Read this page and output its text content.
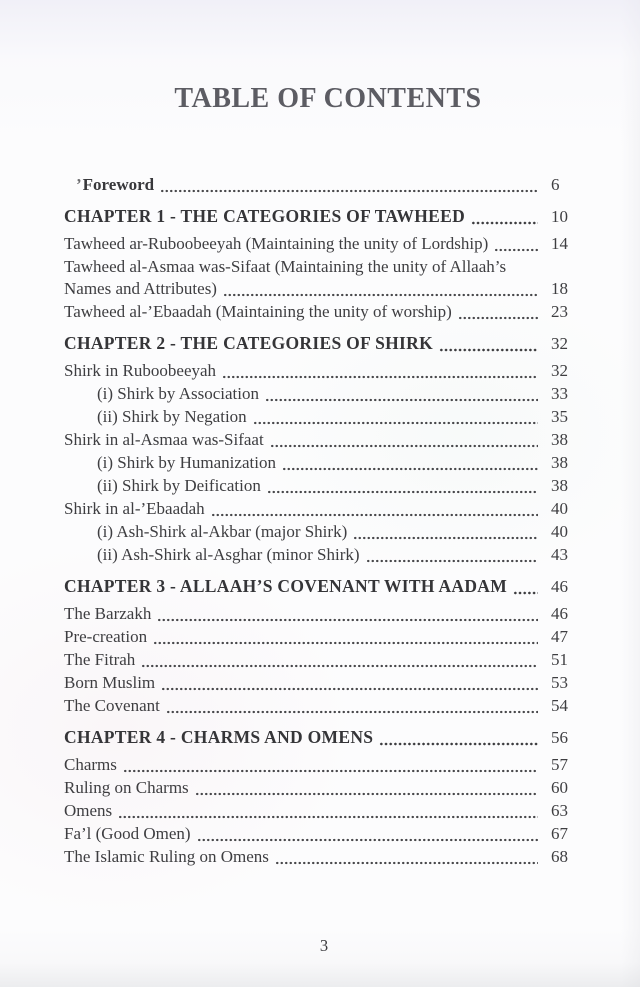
TABLE OF CONTENTS
’ Foreword	6
CHAPTER 1 - THE CATEGORIES OF TAWHEED	10
Tawheed ar-Ruboobeeyah (Maintaining the unity of Lordship)	14
Tawheed al-Asmaa was-Sifaat (Maintaining the unity of Allaah’s
Names and Attributes)	18
Tawheed al-’Ebaadah (Maintaining the unity of worship)	23
CHAPTER 2 - THE CATEGORIES OF SHIRK	32
Shirk in Ruboobeeyah	32
(i) Shirk by Association	33
(ii) Shirk by Negation	35
Shirk in al-Asmaa was-Sifaat	38
(i) Shirk by Humanization	38
(ii) Shirk by Deification	38
Shirk in al-’Ebaadah	40
(i) Ash-Shirk al-Akbar (major Shirk)	40
(ii) Ash-Shirk al-Asghar (minor Shirk)	43
CHAPTER 3 - ALLAAH’S COVENANT WITH AADAM	46
The Barzakh	46
Pre-creation	47
The Fitrah	51
Born Muslim	53
The Covenant	54
CHAPTER 4 - CHARMS AND OMENS	56
Charms	57
Ruling on Charms	60
Omens	63
Fa’l (Good Omen)	67
The Islamic Ruling on Omens	68
3
